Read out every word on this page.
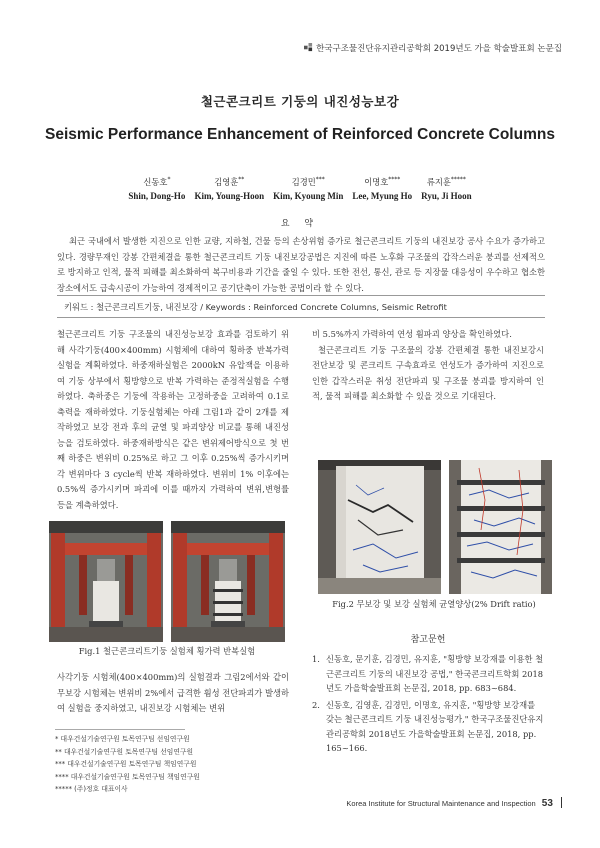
한국구조물진단유지관리공학회 2019년도 가을 학술발표회 논문집
철근콘크리트 기둥의 내진성능보강
Seismic Performance Enhancement of Reinforced Concrete Columns
신동호*
Shin, Dong-Ho
김영훈**
Kim, Young-Hoon
김경민***
Kim, Kyoung Min
이명호****
Lee, Myung Ho
류지훈*****
Ryu, Ji Hoon
요 약
최근 국내에서 발생한 지진으로 인한 교량, 지하철, 건물 등의 손상위험 증가로 철근콘크리트 기둥의 내진보강 공사 수요가 증가하고 있다. 경량무재인 강봉 간편체결을 통한 철근콘크리트 기둥 내진보강공법은 지진에 따른 노후화 구조물의 갑작스러운 붕괴를 선제적으로 방지하고 인적, 물적 피해를 최소화하여 복구비용과 기간을 줄일 수 있다. 또한 전선, 통신, 관로 등 지장물 대응성이 우수하고 협소한 장소에서도 급속시공이 가능하여 경제적이고 공기단축이 가능한 공법이라 할 수 있다.
키워드 : 철근콘크리트기둥, 내진보강 / Keywords : Reinforced Concrete Columns, Seismic Retrofit
철근콘크리트 기둥 구조물의 내진성능보강 효과를 검토하기 위해 사각기둥(400×400mm) 시험체에 대하여 횡하중 반복가력실험을 계획하였다. 하중재하실험은 2000kN 유압잭을 이용하여 기둥 상부에서 횡방향으로 반복 가력하는 준정적실험을 수행하였다. 축하중은 기둥에 작용하는 고정하중을 고려하여 0.1로 축력을 재하하였다. 기둥실험체는 아래 그림1과 같이 2개를 제작하였고 보강 전과 후의 균열 및 파괴양상 비교를 통해 내진성능을 검토하였다. 하중재하방식은 같은 변위제어방식으로 첫 번째 하중은 변위비 0.25%로 하고 그 이후 0.25%씩 증가시키며 각 변위마다 3 cycle씩 반복 재하하였다. 변위비 1% 이후에는 0.5%씩 증가시키며 파괴에 이를 때까지 가력하여 변위,변형률 등을 계측하였다.
Fig.1 철근콘크리트기둥 실험체 횡가력 반복실험
사각기둥 시험체(400×400mm)의 실험결과 그림2에서와 같이 무보강 시험체는 변위비 2%에서 급격한 휨성 전단파괴가 발생하여 실험을 중지하였고, 내진보강 시험체는 변위
* 대우건설기술연구원 토목연구팀 선임연구원
** 대우건설기술연구원 토목연구팀 선임연구원
*** 대우건설기술연구원 토목연구팀 책임연구원
**** 대우건설기술연구원 토목연구팀 책임연구원
***** (주)정호 대표이사

비 5.5%까지 가력하여 연성 휨파괴 양상을 확인하였다.

철근콘크리트 기둥 구조물의 강봉 간편체결 통한 내진보강시 전단보강 및 콘크리트 구속효과로 연성도가 증가하여 지진으로 인한 갑작스러운 취성 전단파괴 및 구조물 붕괴를 방지하여 인적, 물적 피해를 최소화할 수 있을 것으로 기대된다.

Fig.2 무보강 및 보강 실험체 균열양상(2% Drift ratio)
참고문헌
1. 신동호, 문기훈, 김경민, 유지훈, "횡방향 보강재를 이용한 철근콘크리트 기둥의 내진보강 공법," 한국콘크리트학회 2018년도 가을학술발표회 논문집, 2018, pp. 683~684.
2. 신동호, 김영훈, 김경민, 이명호, 유지훈, "횡방향 보강재를 갖는 철근콘크리트 기둥 내진성능평가," 한국구조물진단유지관리공학회 2018년도 가을학술발표회 논문집, 2018, pp. 165~166.
Korea Institute for Structural Maintenance and Inspection 53
